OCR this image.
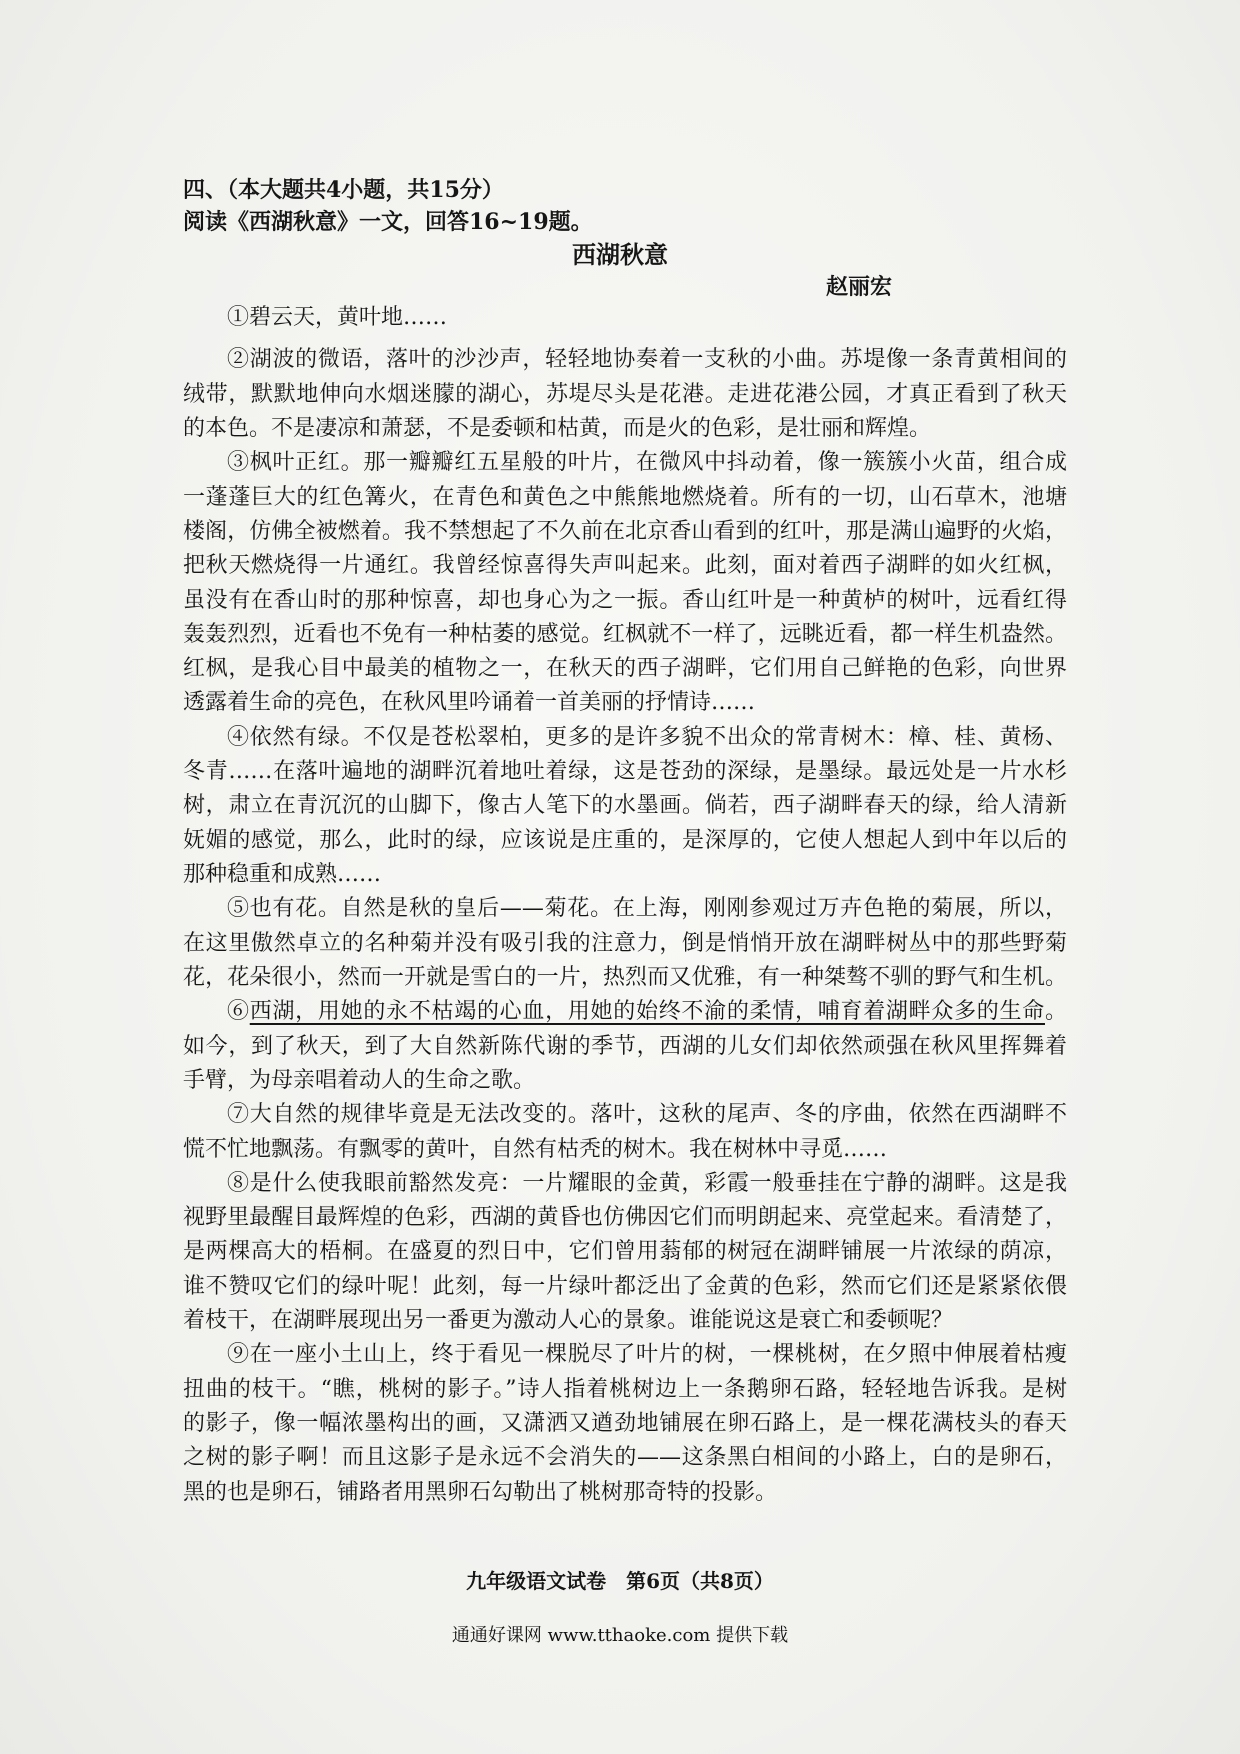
四、（本大题共4小题，共15分）
阅读《西湖秋意》一文，回答16~19题。
西湖秋意
赵丽宏
①碧云天，黄叶地……
②湖波的微语，落叶的沙沙声，轻轻地协奏着一支秋的小曲。苏堤像一条青黄相间的
绒带，默默地伸向水烟迷朦的湖心，苏堤尽头是花港。走进花港公园，才真正看到了秋天
的本色。不是凄凉和萧瑟，不是委顿和枯黄，而是火的色彩，是壮丽和辉煌。
③枫叶正红。那一瓣瓣红五星般的叶片，在微风中抖动着，像一簇簇小火苗，组合成
一蓬蓬巨大的红色篝火，在青色和黄色之中熊熊地燃烧着。所有的一切，山石草木，池塘
楼阁，仿佛全被燃着。我不禁想起了不久前在北京香山看到的红叶，那是满山遍野的火焰，
把秋天燃烧得一片通红。我曾经惊喜得失声叫起来。此刻，面对着西子湖畔的如火红枫，
虽没有在香山时的那种惊喜，却也身心为之一振。香山红叶是一种黄栌的树叶，远看红得
轰轰烈烈，近看也不免有一种枯萎的感觉。红枫就不一样了，远眺近看，都一样生机盎然。
红枫，是我心目中最美的植物之一，在秋天的西子湖畔，它们用自己鲜艳的色彩，向世界
透露着生命的亮色，在秋风里吟诵着一首美丽的抒情诗……
④依然有绿。不仅是苍松翠柏，更多的是许多貌不出众的常青树木：樟、桂、黄杨、
冬青……在落叶遍地的湖畔沉着地吐着绿，这是苍劲的深绿，是墨绿。最远处是一片水杉
树，肃立在青沉沉的山脚下，像古人笔下的水墨画。倘若，西子湖畔春天的绿，给人清新
妩媚的感觉，那么，此时的绿，应该说是庄重的，是深厚的，它使人想起人到中年以后的
那种稳重和成熟……
⑤也有花。自然是秋的皇后——菊花。在上海，刚刚参观过万卉色艳的菊展，所以，
在这里傲然卓立的名种菊并没有吸引我的注意力，倒是悄悄开放在湖畔树丛中的那些野菊
花，花朵很小，然而一开就是雪白的一片，热烈而又优雅，有一种桀骜不驯的野气和生机。
⑥西湖，用她的永不枯竭的心血，用她的始终不渝的柔情，哺育着湖畔众多的生命。
如今，到了秋天，到了大自然新陈代谢的季节，西湖的儿女们却依然顽强在秋风里挥舞着
手臂，为母亲唱着动人的生命之歌。
⑦大自然的规律毕竟是无法改变的。落叶，这秋的尾声、冬的序曲，依然在西湖畔不
慌不忙地飘荡。有飘零的黄叶，自然有枯秃的树木。我在树林中寻觅……
⑧是什么使我眼前豁然发亮：一片耀眼的金黄，彩霞一般垂挂在宁静的湖畔。这是我
视野里最醒目最辉煌的色彩，西湖的黄昏也仿佛因它们而明朗起来、亮堂起来。看清楚了，
是两棵高大的梧桐。在盛夏的烈日中，它们曾用蓊郁的树冠在湖畔铺展一片浓绿的荫凉，
谁不赞叹它们的绿叶呢！此刻，每一片绿叶都泛出了金黄的色彩，然而它们还是紧紧依偎
着枝干，在湖畔展现出另一番更为激动人心的景象。谁能说这是衰亡和委顿呢？
⑨在一座小土山上，终于看见一棵脱尽了叶片的树，一棵桃树，在夕照中伸展着枯瘦
扭曲的枝干。“瞧，桃树的影子。”诗人指着桃树边上一条鹅卵石路，轻轻地告诉我。是树
的影子，像一幅浓墨构出的画，又潇洒又遒劲地铺展在卵石路上，是一棵花满枝头的春天
之树的影子啊！而且这影子是永远不会消失的——这条黑白相间的小路上，白的是卵石，
黑的也是卵石，铺路者用黑卵石勾勒出了桃树那奇特的投影。
九年级语文试卷　第6页（共8页）
通通好课网 www.tthaoke.com 提供下载
